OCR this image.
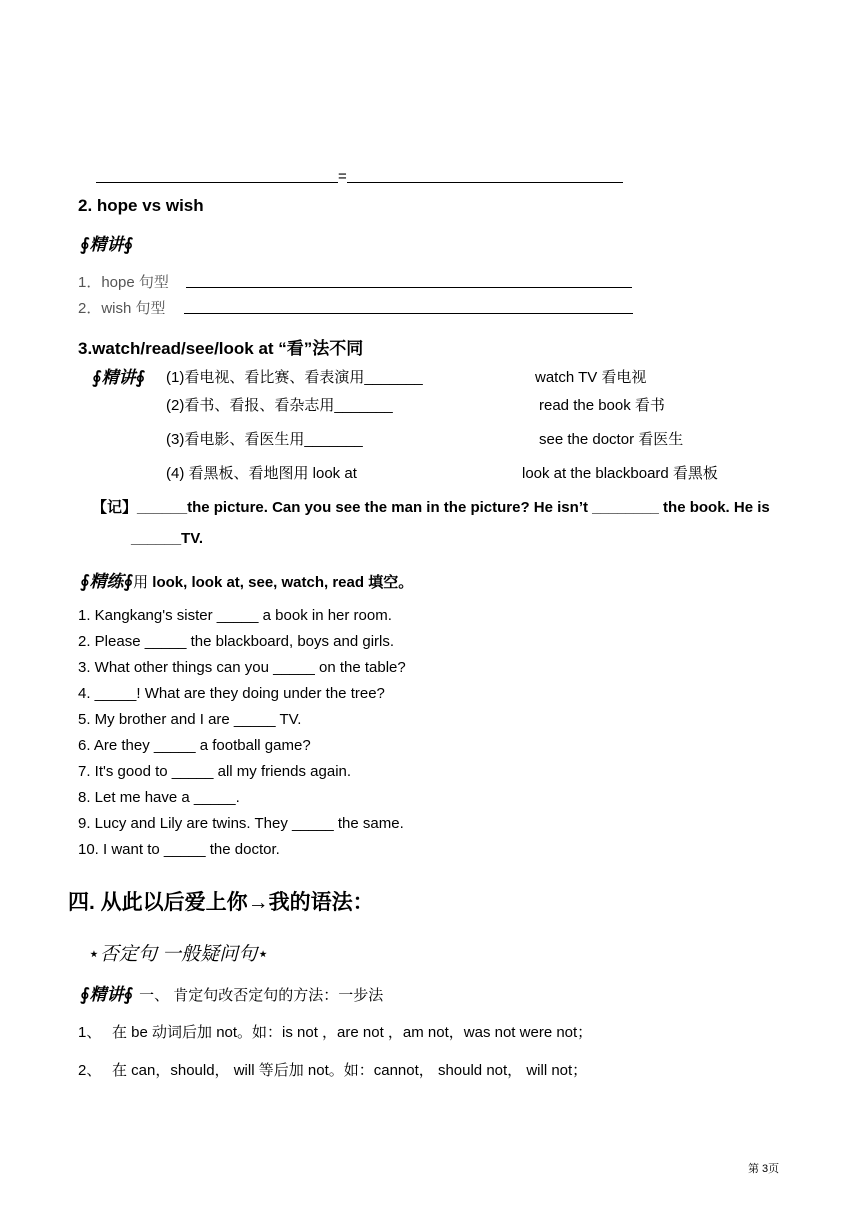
=
2. hope vs wish
∮精讲∮
1．hope 句型
2．wish 句型
3.watch/read/see/look at “看”法不同
∮精讲∮ (1)看电视、看比赛、看表演用_______	watch TV 看电视
(2)看书、看报、看杂志用_______	read the book 看书
(3)看电影、看医生用_______	see the doctor 看医生
(4) 看黑板、看地图用 look at	look at the blackboard 看黑板
【记】______the picture. Can you see the man in the picture? He isn’t ________ the book. He is
______TV.
∮精练∮用 look, look at, see, watch, read 填空。
1. Kangkang's sister _____ a book in her room.
2. Please _____ the blackboard, boys and girls.
3. What other things can you _____ on the table?
4. _____! What are they doing under the tree?
5. My brother and I are _____ TV.
6. Are they _____ a football game?
7. It's good to _____ all my friends again.
8. Let me have a _____.
9. Lucy and Lily are twins. They _____ the same.
10. I want to _____ the doctor.
四. 从此以后爱上你→我的语法：
⋆否定句 一般疑问句⋆
∮精讲∮ 一、 肯定句改否定句的方法：一步法
1、 在 be 动词后加 not。如：is not ，are not ，am not，was not were not；
2、 在 can，should， will 等后加 not。如：cannot， should not， will not；
第 3页
